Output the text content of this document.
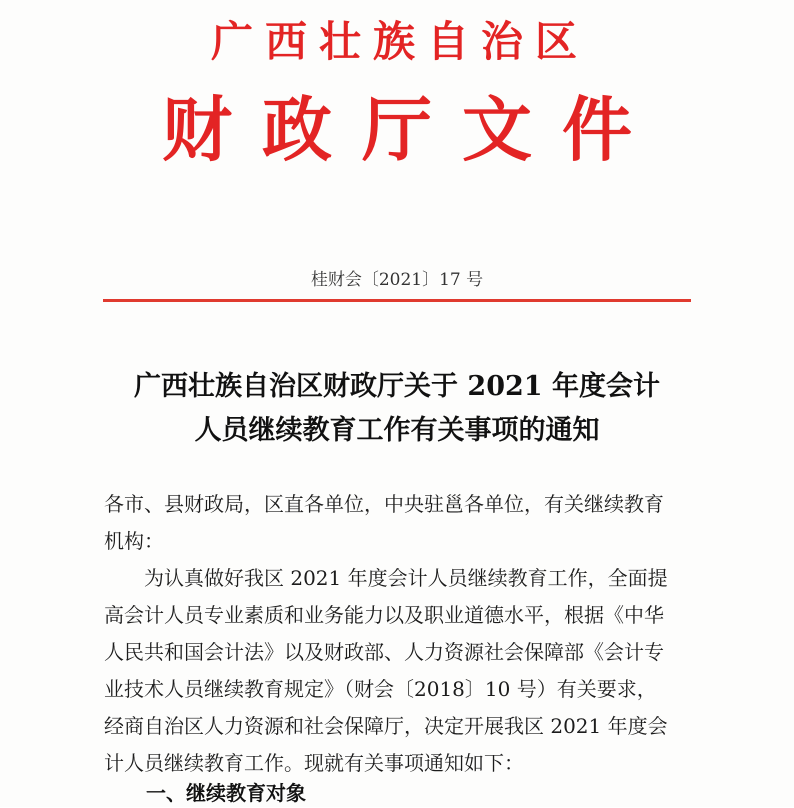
广西壮族自治区
财政厅文件
桂财会〔2021〕17 号
广西壮族自治区财政厅关于 2021 年度会计
人员继续教育工作有关事项的通知
各市、县财政局，区直各单位，中央驻邕各单位，有关继续教育
机构：
　　为认真做好我区 2021 年度会计人员继续教育工作，全面提
高会计人员专业素质和业务能力以及职业道德水平，根据《中华
人民共和国会计法》以及财政部、人力资源社会保障部《会计专
业技术人员继续教育规定》（财会〔2018〕10 号）有关要求，
经商自治区人力资源和社会保障厅，决定开展我区 2021 年度会
计人员继续教育工作。现就有关事项通知如下：
一、继续教育对象
